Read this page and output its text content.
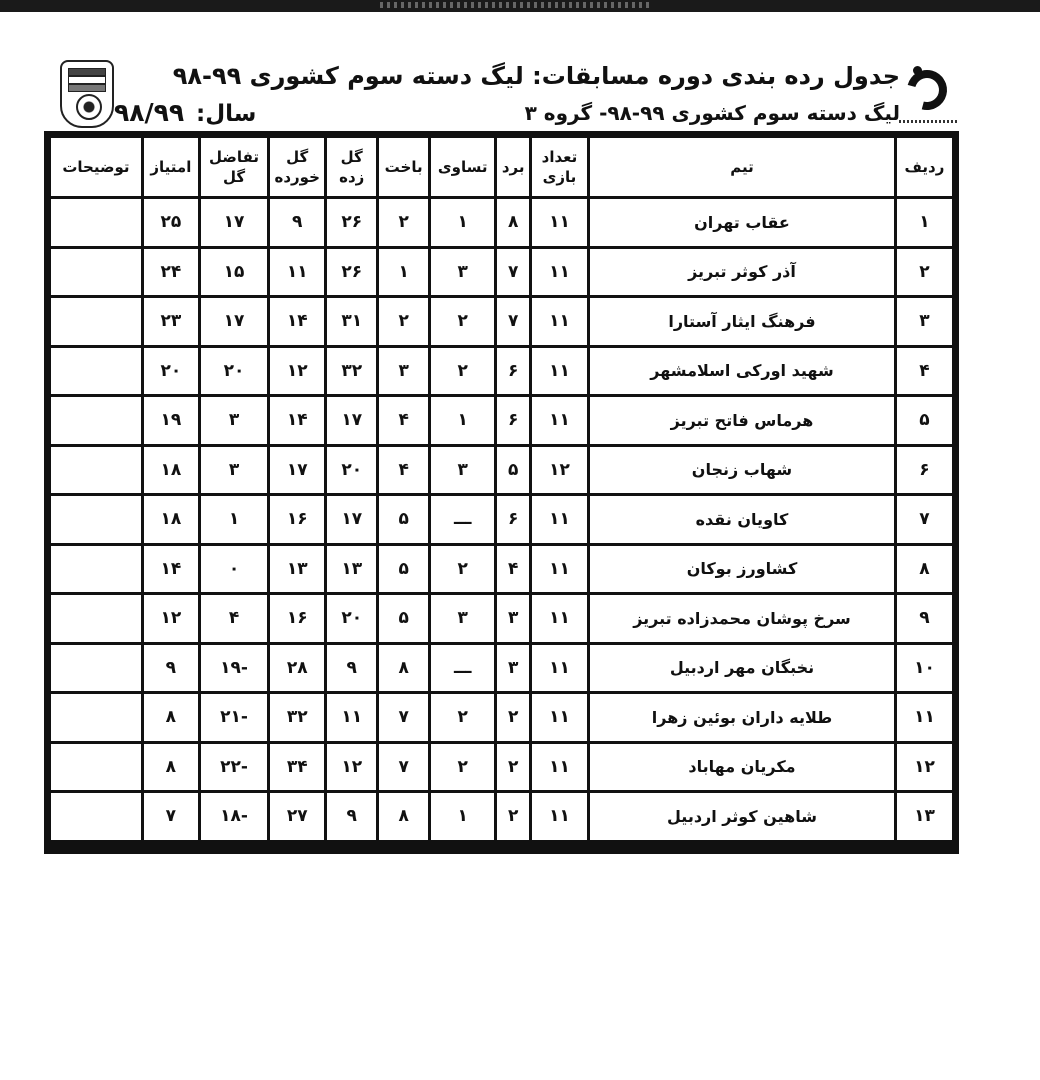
جدول رده بندی دوره مسابقات: لیگ دسته سوم کشوری ۹۹-۹۸
لیگ دسته سوم کشوری ۹۹-۹۸- گروه ۳
سال:
۹۸/۹۹
ردیف	تیم	تعداد بازی	برد	تساوی	باخت	گل زده	گل خورده	تفاضل گل	امتیاز	توضیحات
۱	عقاب تهران	۱۱	۸	۱	۲	۲۶	۹	۱۷	۲۵	
۲	آذر کوثر تبریز	۱۱	۷	۳	۱	۲۶	۱۱	۱۵	۲۴	
۳	فرهنگ ایثار آستارا	۱۱	۷	۲	۲	۳۱	۱۴	۱۷	۲۳	
۴	شهید اورکی اسلامشهر	۱۱	۶	۲	۳	۳۲	۱۲	۲۰	۲۰	
۵	هرماس فاتح تبریز	۱۱	۶	۱	۴	۱۷	۱۴	۳	۱۹	
۶	شهاب زنجان	۱۲	۵	۳	۴	۲۰	۱۷	۳	۱۸	
۷	کاویان نقده	۱۱	۶	ـــ	۵	۱۷	۱۶	۱	۱۸	
۸	کشاورز بوکان	۱۱	۴	۲	۵	۱۳	۱۳	۰	۱۴	
۹	سرخ پوشان محمدزاده تبریز	۱۱	۳	۳	۵	۲۰	۱۶	۴	۱۲	
۱۰	نخبگان مهر اردبیل	۱۱	۳	ـــ	۸	۹	۲۸	-۱۹	۹	
۱۱	طلایه داران بوئین زهرا	۱۱	۲	۲	۷	۱۱	۳۲	-۲۱	۸	
۱۲	مکریان مهاباد	۱۱	۲	۲	۷	۱۲	۳۴	-۲۲	۸	
۱۳	شاهین کوثر اردبیل	۱۱	۲	۱	۸	۹	۲۷	-۱۸	۷	
